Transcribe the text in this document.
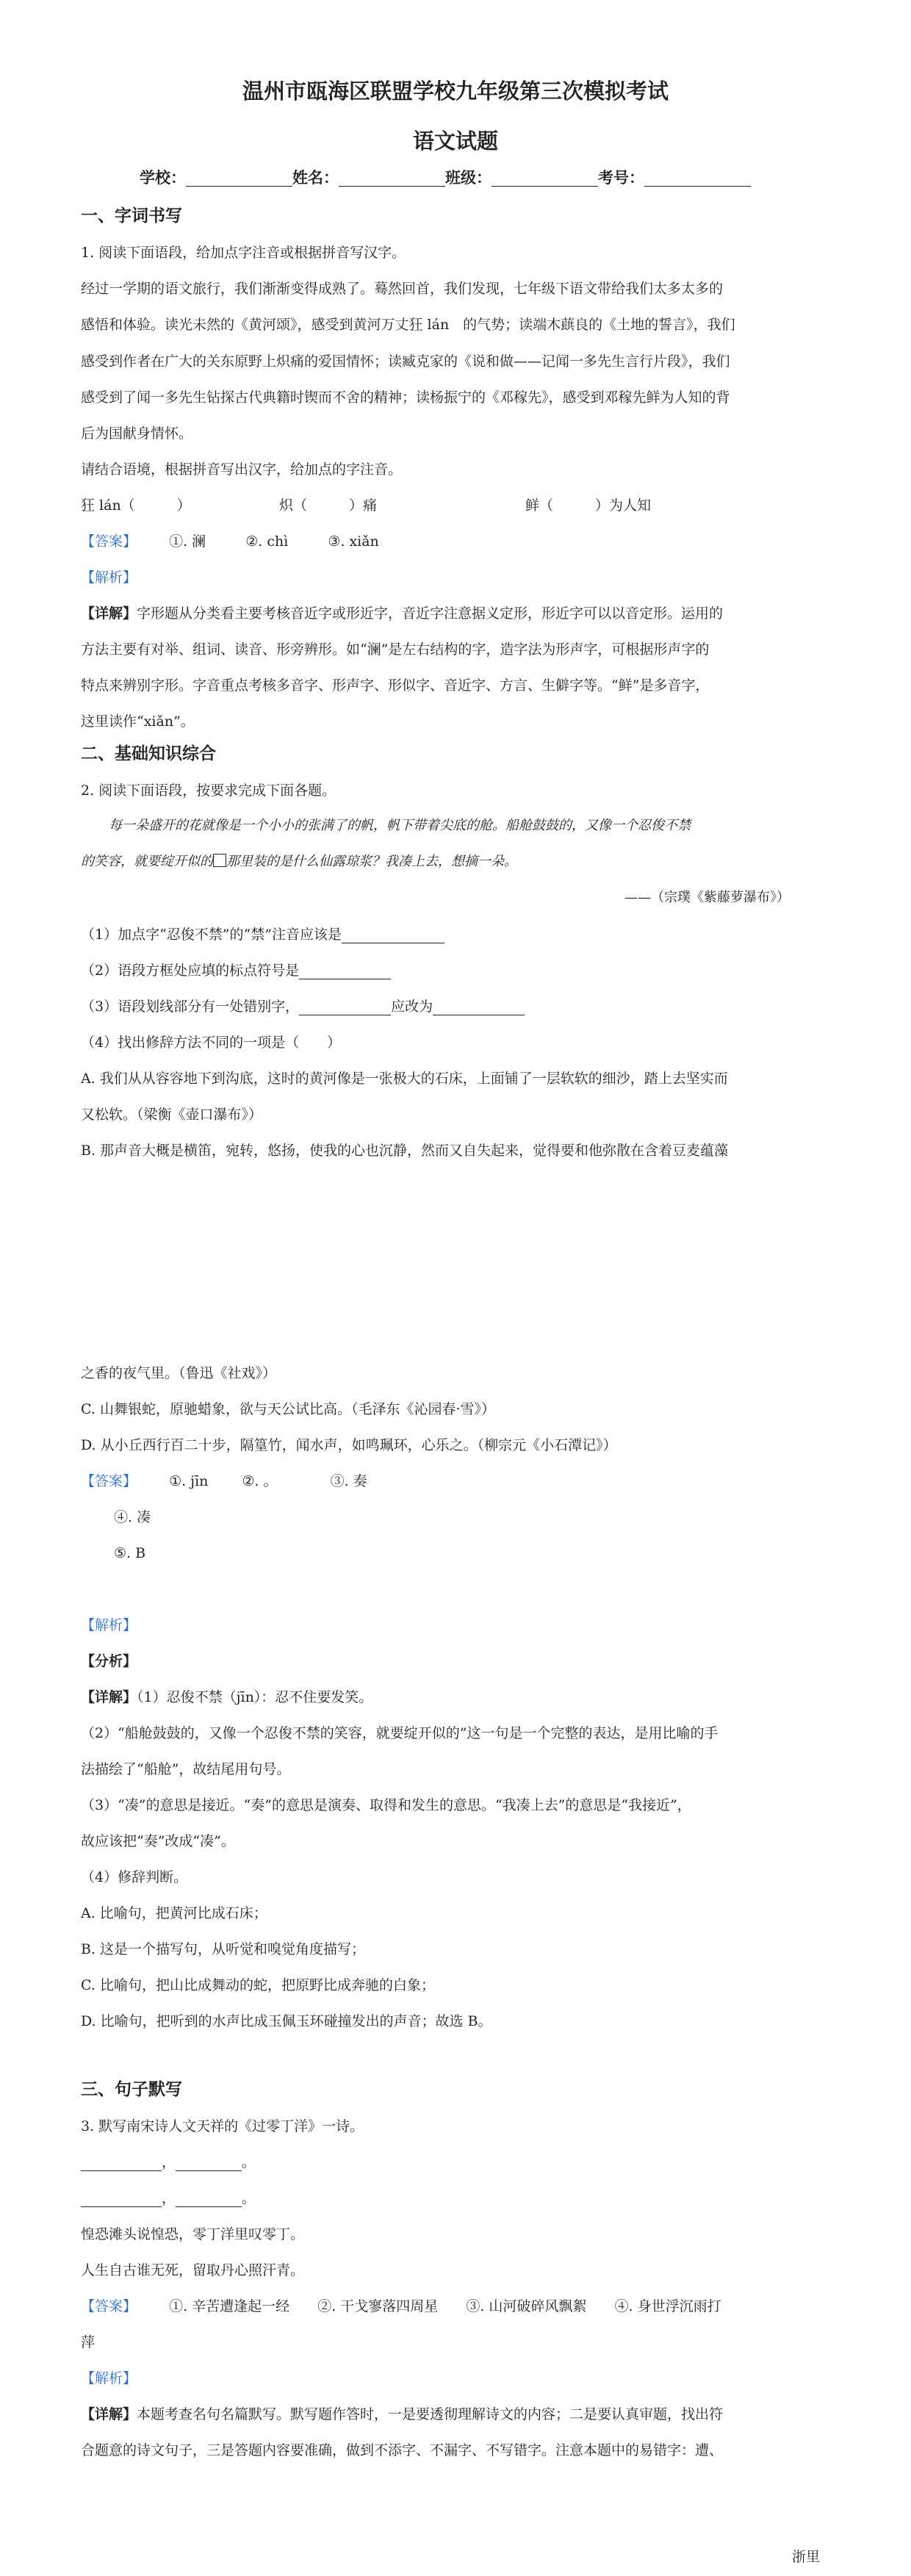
温州市瓯海区联盟学校九年级第三次模拟考试
语文试题
学校：	姓名：	班级：	考号：
一、字词书写
1. 阅读下面语段，给加点字注音或根据拼音写汉字。
经过一学期的语文旅行，我们渐渐变得成熟了。蓦然回首，我们发现，七年级下语文带给我们太多太多的
感悟和体验。读光未然的《黄河颂》，感受到黄河万丈狂 lán　的气势；读端木蕻良的《土地的誓言》，我们
感受到作者在广大的关东原野上炽痛的爱国情怀；读臧克家的《说和做——记闻一多先生言行片段》，我们
感受到了闻一多先生钻探古代典籍时锲而不舍的精神；读杨振宁的《邓稼先》，感受到邓稼先鲜为人知的背
后为国献身情怀。
请结合语境，根据拼音写出汉字，给加点的字注音。
狂 lán（　　　）	炽（　　　）痛	鲜（　　　）为人知
【答案】 ①. 澜	②. chì	③. xiǎn
【解析】
【详解】字形题从分类看主要考核音近字或形近字，音近字注意据义定形，形近字可以以音定形。运用的
方法主要有对举、组词、读音、形旁辨形。如“澜”是左右结构的字，造字法为形声字，可根据形声字的
特点来辨别字形。字音重点考核多音字、形声字、形似字、音近字、方言、生僻字等。“鲜”是多音字，
这里读作“xiǎn”。
二、基础知识综合
2. 阅读下面语段，按要求完成下面各题。
每一朵盛开的花就像是一个小小的张满了的帆，帆下带着尖底的舱。船舱鼓鼓的，又像一个忍俊不禁
的笑容，就要绽开似的 那里装的是什么仙露琼浆？我凑上去，想摘一朵。
——（宗璞《紫藤萝瀑布》）
（1）加点字“忍俊不禁”的“禁”注音应该是
（2）语段方框处应填的标点符号是
（3）语段划线部分有一处错别字，	应改为
（4）找出修辞方法不同的一项是（　　）
A. 我们从从容容地下到沟底，这时的黄河像是一张极大的石床，上面铺了一层软软的细沙，踏上去坚实而
又松软。（梁衡《壶口瀑布》）
B. 那声音大概是横笛，宛转，悠扬，使我的心也沉静，然而又自失起来，觉得要和他弥散在含着豆麦蕴藻
之香的夜气里。（鲁迅《社戏》）
C. 山舞银蛇，原驰蜡象，欲与天公试比高。（毛泽东《沁园春·雪》）
D. 从小丘西行百二十步，隔篁竹，闻水声，如鸣珮环，心乐之。（柳宗元《小石潭记》）
【答案】 ①. jīn ②. 。	③. 奏
④. 凑
⑤. B
【解析】
【分析】
【详解】（1）忍俊不禁（jīn）：忍不住要发笑。
（2）“船舱鼓鼓的，又像一个忍俊不禁的笑容，就要绽开似的”这一句是一个完整的表达，是用比喻的手
法描绘了“船舱”，故结尾用句号。
（3）“凑”的意思是接近。“奏”的意思是演奏、取得和发生的意思。“我凑上去”的意思是“我接近”，
故应该把“奏”改成“凑”。
（4）修辞判断。
A. 比喻句，把黄河比成石床；
B. 这是一个描写句，从听觉和嗅觉角度描写；
C. 比喻句，把山比成舞动的蛇，把原野比成奔驰的白象；
D. 比喻句，把听到的水声比成玉佩玉环碰撞发出的声音；故选 B。
三、句子默写
3. 默写南宋诗人文天祥的《过零丁洋》一诗。
，	。
，	。
惶恐滩头说惶恐，零丁洋里叹零丁。
人生自古谁无死，留取丹心照汗青。
【答案】 ①. 辛苦遭逢起一经 ②. 干戈寥落四周星 ③. 山河破碎风飘絮 ④. 身世浮沉雨打
萍
【解析】
【详解】本题考查名句名篇默写。默写题作答时，一是要透彻理解诗文的内容；二是要认真审题，找出符
合题意的诗文句子，三是答题内容要准确，做到不添字、不漏字、不写错字。注意本题中的易错字：遭、
浙里
